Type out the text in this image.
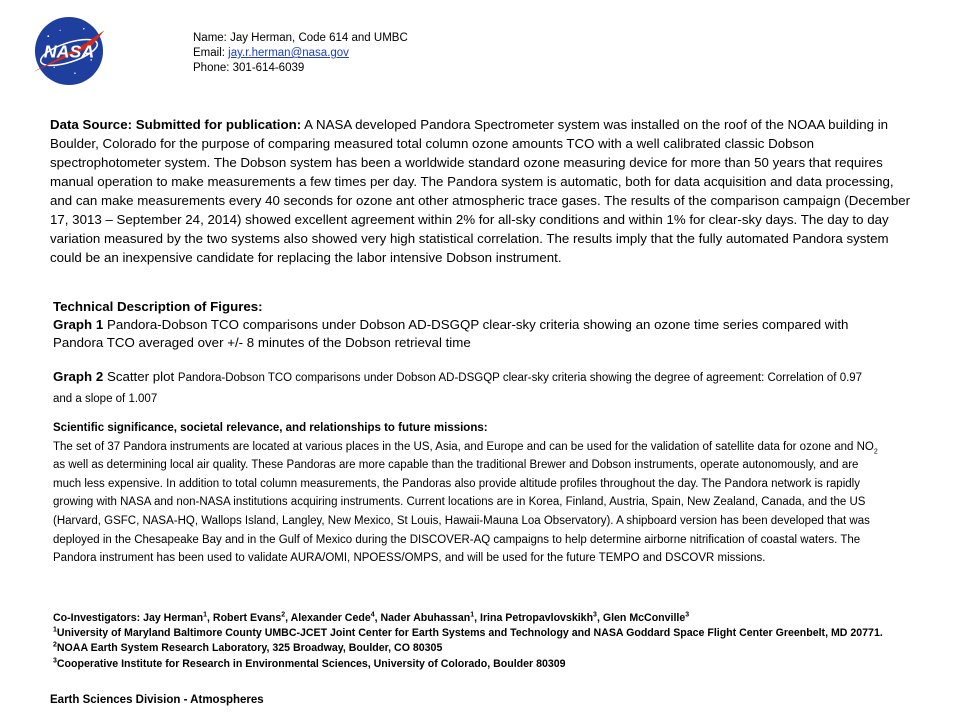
NASA
Name: Jay Herman, Code 614 and UMBC
Email: jay.r.herman@nasa.gov
Phone: 301-614-6039
Data Source: Submitted for publication: A NASA developed Pandora Spectrometer system was installed on the roof of the NOAA building in Boulder, Colorado for the purpose of comparing measured total column ozone amounts TCO with a well calibrated classic Dobson spectrophotometer system. The Dobson system has been a worldwide standard ozone measuring device for more than 50 years that requires manual operation to make measurements a few times per day. The Pandora system is automatic, both for data acquisition and data processing, and can make measurements every 40 seconds for ozone ant other atmospheric trace gases. The results of the comparison campaign (December 17, 3013 – September 24, 2014) showed excellent agreement within 2% for all-sky conditions and within 1% for clear-sky days. The day to day variation measured by the two systems also showed very high statistical correlation. The results imply that the fully automated Pandora system could be an inexpensive candidate for replacing the labor intensive Dobson instrument.
Technical Description of Figures:
Graph 1 Pandora-Dobson TCO comparisons under Dobson AD-DSGQP clear-sky criteria showing an ozone time series compared with Pandora TCO averaged over +/- 8 minutes of the Dobson retrieval time
Graph 2 Scatter plot Pandora-Dobson TCO comparisons under Dobson AD-DSGQP clear-sky criteria showing the degree of agreement: Correlation of 0.97 and a slope of 1.007
Scientific significance, societal relevance, and relationships to future missions:
The set of 37 Pandora instruments are located at various places in the US, Asia, and Europe and can be used for the validation of satellite data for ozone and $NO_2$ as well as determining local air quality. These Pandoras are more capable than the traditional Brewer and Dobson instruments, operate autonomously, and are much less expensive. In addition to total column measurements, the Pandoras also provide altitude profiles throughout the day. The Pandora network is rapidly growing with NASA and non-NASA institutions acquiring instruments. Current locations are in Korea, Finland, Austria, Spain, New Zealand, Canada, and the US (Harvard, GSFC, NASA-HQ, Wallops Island, Langley, New Mexico, St Louis, Hawaii-Mauna Loa Observatory). A shipboard version has been developed that was deployed in the Chesapeake Bay and in the Gulf of Mexico during the DISCOVER-AQ campaigns to help determine airborne nitrification of coastal waters. The Pandora instrument has been used to validate AURA/OMI, NPOESS/OMPS, and will be used for the future TEMPO and DSCOVR missions.
Co-Investigators: Jay Herman$^1$, Robert Evans$^2$, Alexander Cede$^4$, Nader Abuhassan$^1$, Irina Petropavlovskikh$^3$, Glen McConville$^3$
$^1$University of Maryland Baltimore County UMBC-JCET Joint Center for Earth Systems and Technology and NASA Goddard Space Flight Center Greenbelt, MD 20771. $^2$NOAA Earth System Research Laboratory, 325 Broadway, Boulder, CO 80305
$^3$Cooperative Institute for Research in Environmental Sciences, University of Colorado, Boulder 80309
Earth Sciences Division - Atmospheres
